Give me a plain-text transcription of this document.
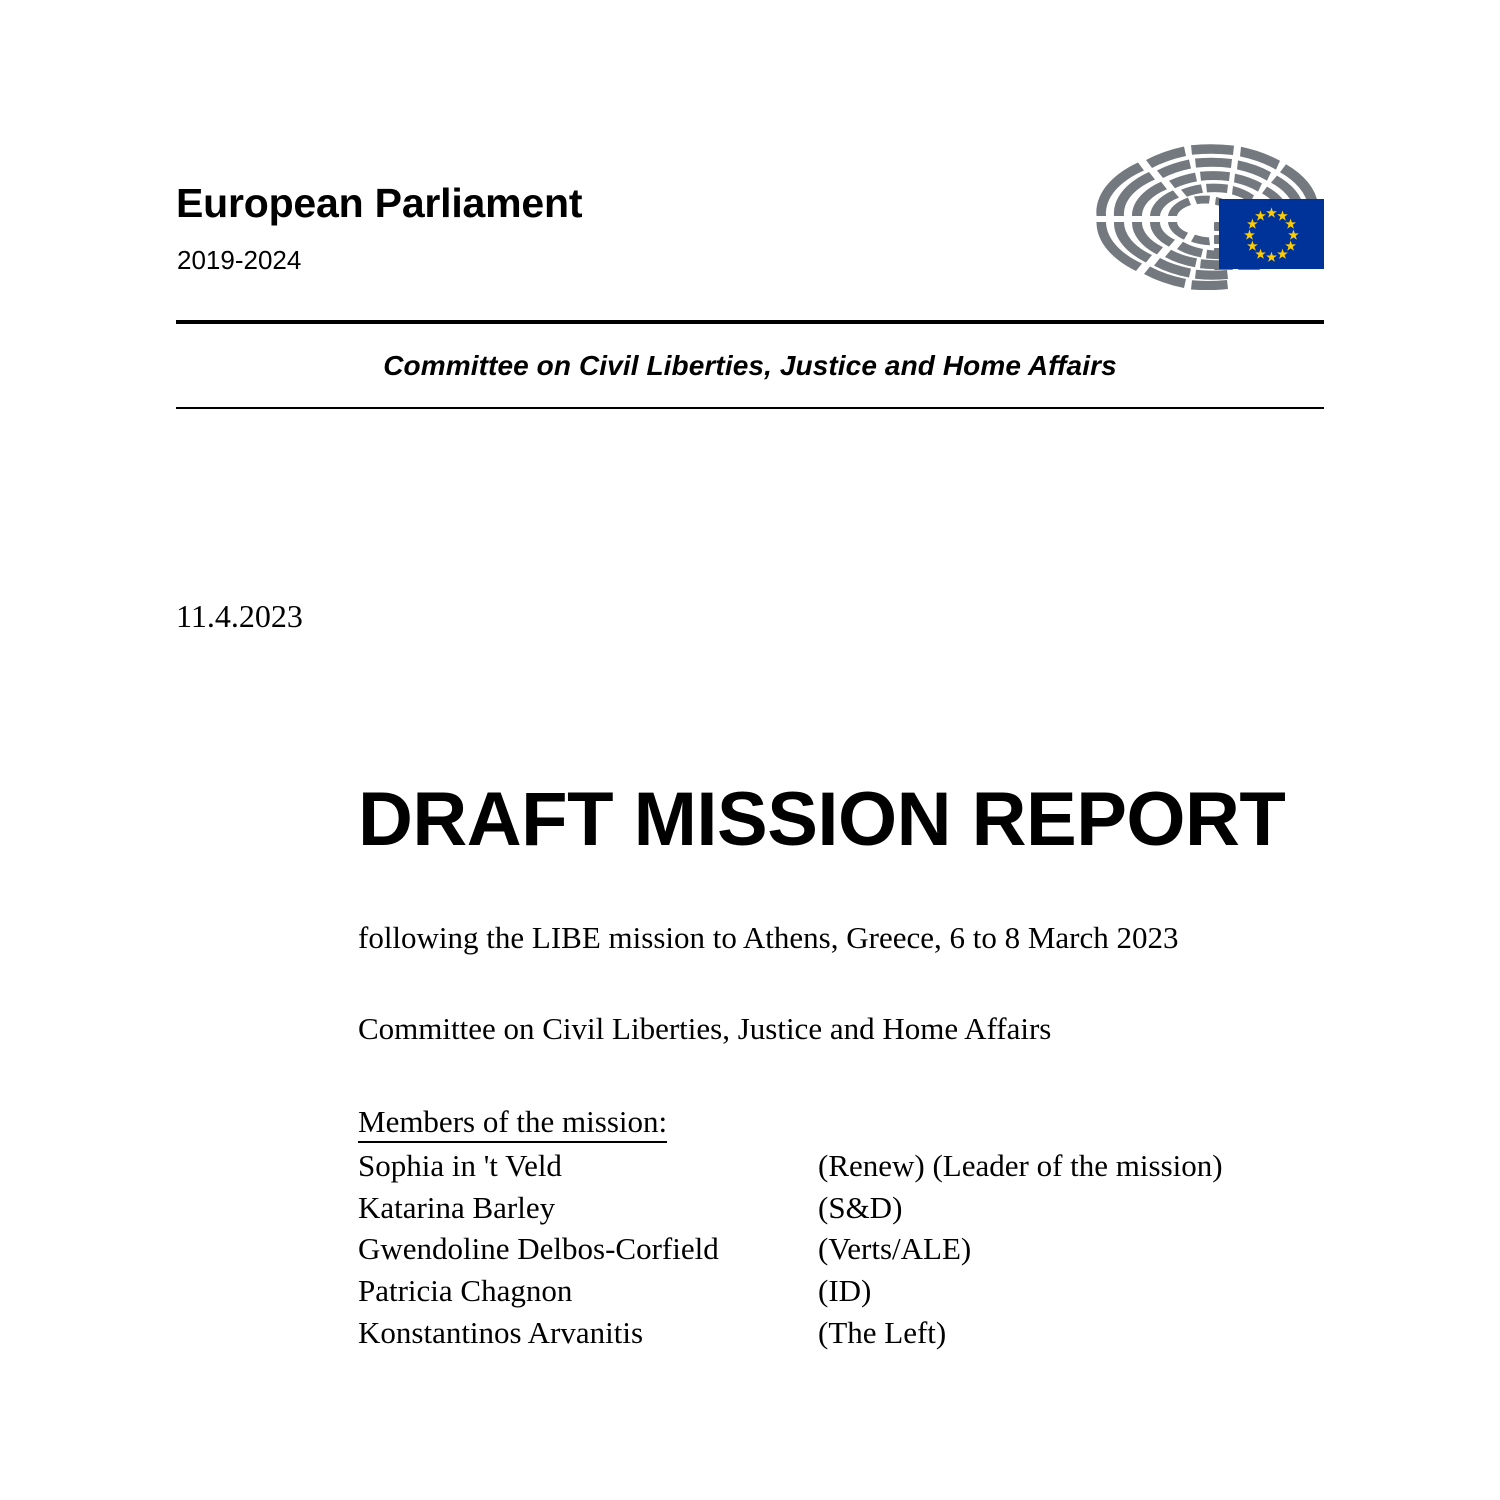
European Parliament
2019-2024
Committee on Civil Liberties, Justice and Home Affairs
11.4.2023
DRAFT MISSION REPORT

following the LIBE mission to Athens, Greece, 6 to 8 March 2023

Committee on Civil Liberties, Justice and Home Affairs

Members of the mission:
Sophia in 't Veld	(Renew) (Leader of the mission)
Katarina Barley	(S&D)
Gwendoline Delbos-Corfield	(Verts/ALE)
Patricia Chagnon	(ID)
Konstantinos Arvanitis	(The Left)
